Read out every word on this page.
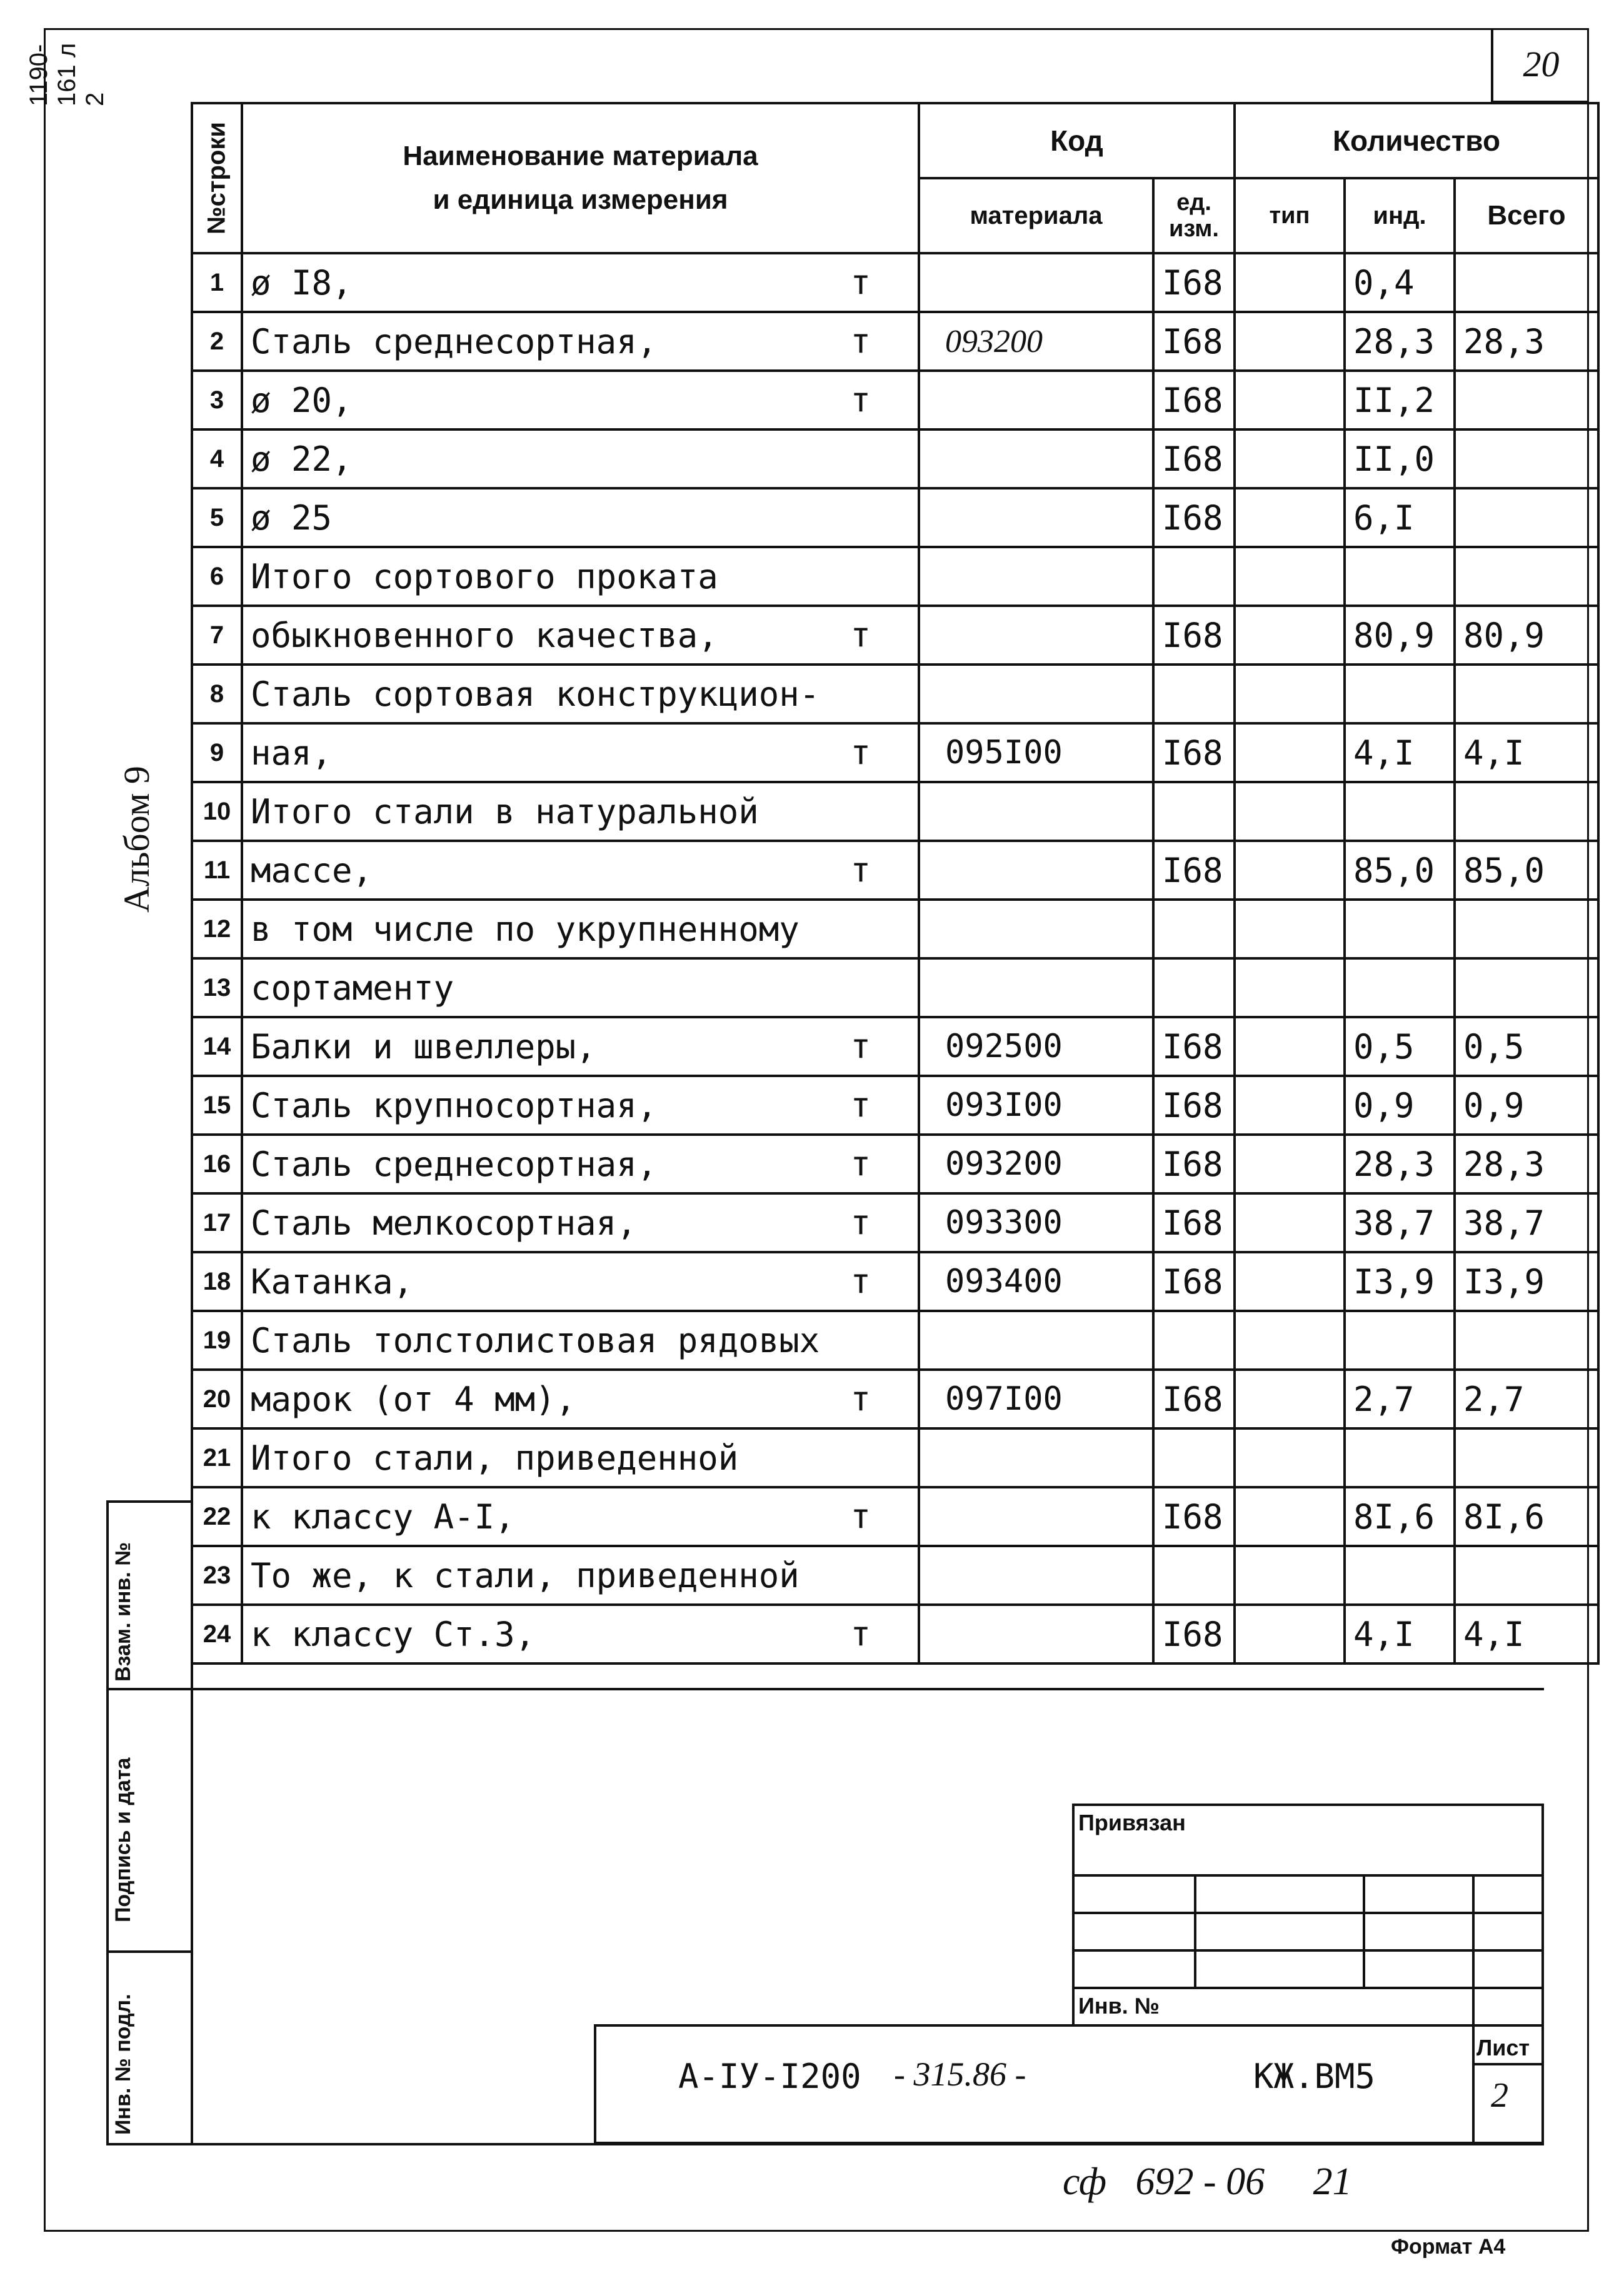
20
1190-161 л 2
Альбом 9
№строки	Наименование материала
и единица измерения	Код		Количество		
		материала	ед. изм.	тип	инд.	Всего
1	ø I8, т		I68		0,4	
2	Сталь среднесортная, т	093200	I68		28,3	28,3
3	ø 20, т		I68		II,2	
4	ø 22,		I68		II,0	
5	ø 25		I68		6,I	
6	Итого сортового проката

7	обыкновенного качества, т		I68		80,9	80,9
8	Сталь сортовая конструкцион-

9	ная, т	095I00	I68		4,I	4,I
10	Итого стали в натуральной

11	массе, т		I68		85,0	85,0
12	в том числе по укрупненному

13	сортаменту

14	Балки и швеллеры, т	092500	I68		0,5	0,5
15	Сталь крупносортная, т	093I00	I68		0,9	0,9
16	Сталь среднесортная, т	093200	I68		28,3	28,3
17	Сталь мелкосортная, т	093300	I68		38,7	38,7
18	Катанка, т	093400	I68		I3,9	I3,9
19	Сталь толстолистовая рядовых

20	марок (от 4 мм), т	097I00	I68		2,7	2,7
21	Итого стали, приведенной

22	к классу А-I, т		I68		8I,6	8I,6
23	То же, к стали, приведенной

24	к классу Ст.3, т		I68		4,I	4,I
Взам. инв. №
Подпись и дата
Инв. № подл.
Привязан
Инв. №
А-IУ-I200 - 315.86 -	КЖ.ВМ5
Лист
2
сф   692 - 06     21
Формат А4
